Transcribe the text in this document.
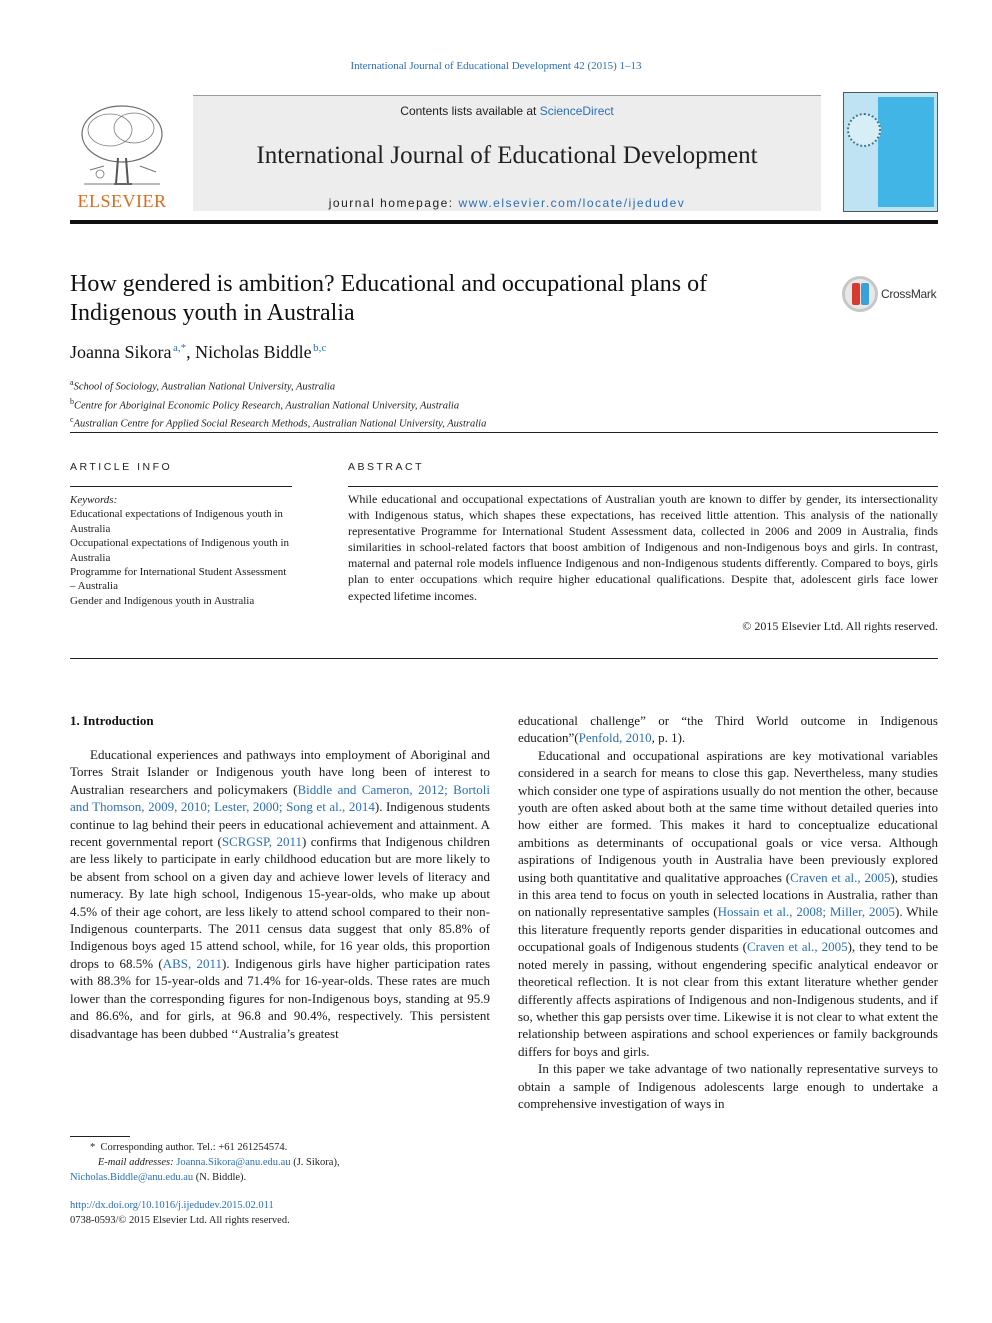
International Journal of Educational Development 42 (2015) 1–13
ELSEVIER
Contents lists available at ScienceDirect
International Journal of Educational Development
journal homepage: www.elsevier.com/locate/ijedudev
How gendered is ambition? Educational and occupational plans of Indigenous youth in Australia
CrossMark
Joanna Sikora  $^{a,*}$, Nicholas Biddle  $^{b,c}$
$^a$School of Sociology, Australian National University, Australia
$^b$Centre for Aboriginal Economic Policy Research, Australian National University, Australia
$^c$Australian Centre for Applied Social Research Methods, Australian National University, Australia
ARTICLE INFO
Keywords:
Educational expectations of Indigenous youth in Australia
Occupational expectations of Indigenous youth in Australia
Programme for International Student Assessment – Australia
Gender and Indigenous youth in Australia
ABSTRACT
While educational and occupational expectations of Australian youth are known to differ by gender, its intersectionality with Indigenous status, which shapes these expectations, has received little attention. This analysis of the nationally representative Programme for International Student Assessment data, collected in 2006 and 2009 in Australia, finds similarities in school-related factors that boost ambition of Indigenous and non-Indigenous boys and girls. In contrast, maternal and paternal role models influence Indigenous and non-Indigenous students differently. Compared to boys, girls plan to enter occupations which require higher educational qualifications. Despite that, adolescent girls face lower expected lifetime incomes.
© 2015 Elsevier Ltd. All rights reserved.
1. Introduction

Educational experiences and pathways into employment of Aboriginal and Torres Strait Islander or Indigenous youth have long been of interest to Australian researchers and policymakers (Biddle and Cameron, 2012; Bortoli and Thomson, 2009, 2010; Lester, 2000; Song et al., 2014). Indigenous students continue to lag behind their peers in educational achievement and attainment. A recent governmental report (SCRGSP, 2011) confirms that Indigenous children are less likely to participate in early childhood education but are more likely to be absent from school on a given day and achieve lower levels of literacy and numeracy. By late high school, Indigenous 15-year-olds, who make up about 4.5% of their age cohort, are less likely to attend school compared to their non-Indigenous counterparts. The 2011 census data suggest that only 85.8% of Indigenous boys aged 15 attend school, while, for 16 year olds, this proportion drops to 68.5% (ABS, 2011). Indigenous girls have higher participation rates with 88.3% for 15-year-olds and 71.4% for 16-year-olds. These rates are much lower than the corresponding figures for non-Indigenous boys, standing at 95.9 and 86.6%, and for girls, at 96.8 and 90.4%, respectively. This persistent disadvantage has been dubbed ‘‘Australia’s greatest

educational challenge” or “the Third World outcome in Indigenous education”(Penfold, 2010, p. 1).

Educational and occupational aspirations are key motivational variables considered in a search for means to close this gap. Nevertheless, many studies which consider one type of aspirations usually do not mention the other, because youth are often asked about both at the same time without detailed queries into how either are formed. This makes it hard to conceptualize educational ambitions as determinants of occupational goals or vice versa. Although aspirations of Indigenous youth in Australia have been previously explored using both quantitative and qualitative approaches (Craven et al., 2005), studies in this area tend to focus on youth in selected locations in Australia, rather than on nationally representative samples (Hossain et al., 2008; Miller, 2005). While this literature frequently reports gender disparities in educational outcomes and occupational goals of Indigenous students (Craven et al., 2005), they tend to be noted merely in passing, without engendering specific analytical endeavor or theoretical reflection. It is not clear from this extant literature whether gender differently affects aspirations of Indigenous and non-Indigenous students, and if so, whether this gap persists over time. Likewise it is not clear to what extent the relationship between aspirations and school experiences or family backgrounds differs for boys and girls.

In this paper we take advantage of two nationally representative surveys to obtain a sample of Indigenous adolescents large enough to undertake a comprehensive investigation of ways in

*  Corresponding author. Tel.: +61 261254574.
E-mail addresses: Joanna.Sikora@anu.edu.au (J. Sikora),
Nicholas.Biddle@anu.edu.au (N. Biddle).
http://dx.doi.org/10.1016/j.ijedudev.2015.02.011
0738-0593/© 2015 Elsevier Ltd. All rights reserved.
